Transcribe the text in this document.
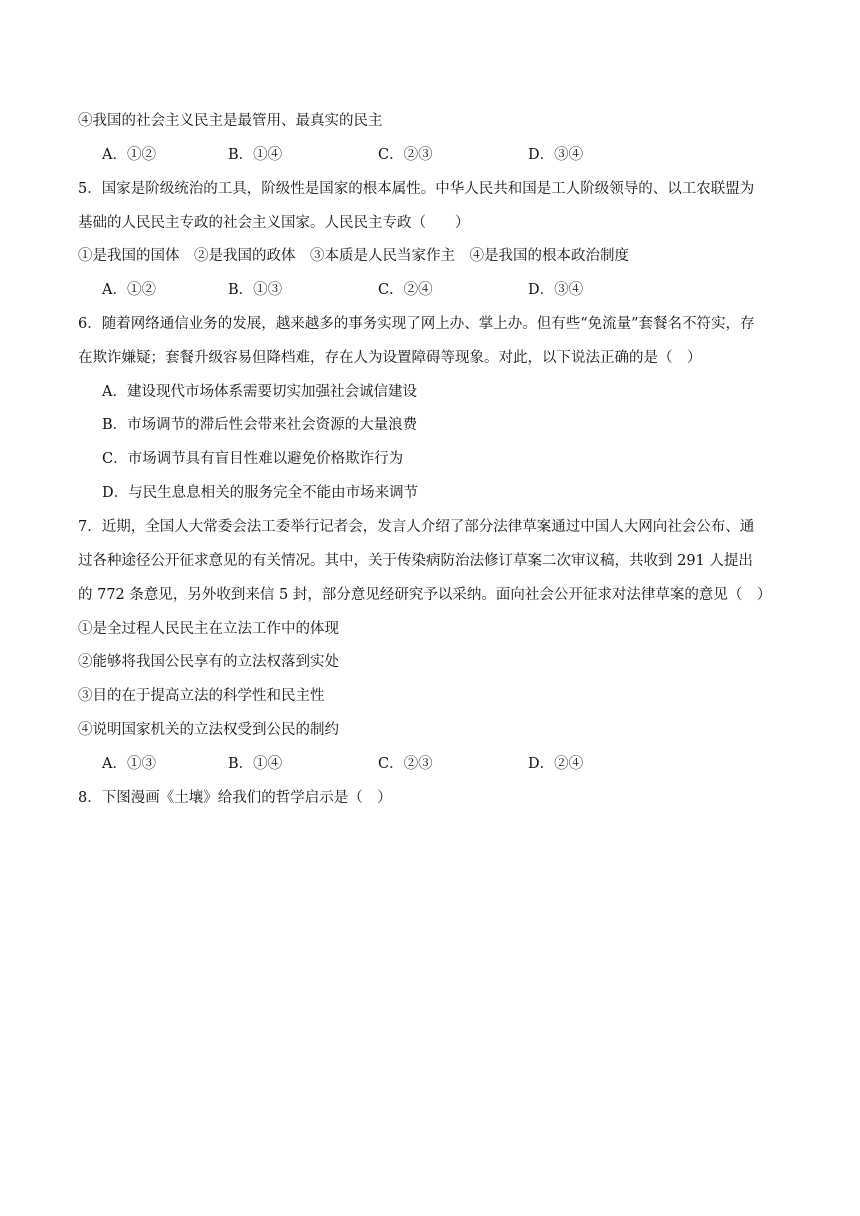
④我国的社会主义民主是最管用、最真实的民主
A．①②	B．①④	C．②③	D．③④
5．国家是阶级统治的工具，阶级性是国家的根本属性。中华人民共和国是工人阶级领导的、以工农联盟为
基础的人民民主专政的社会主义国家。人民民主专政（　　）
①是我国的国体　②是我国的政体　③本质是人民当家作主　④是我国的根本政治制度
A．①②	B．①③	C．②④	D．③④
6．随着网络通信业务的发展，越来越多的事务实现了网上办、掌上办。但有些“免流量”套餐名不符实，存
在欺诈嫌疑；套餐升级容易但降档难，存在人为设置障碍等现象。对此，以下说法正确的是（　）
A．建设现代市场体系需要切实加强社会诚信建设
B．市场调节的滞后性会带来社会资源的大量浪费
C．市场调节具有盲目性难以避免价格欺诈行为
D．与民生息息相关的服务完全不能由市场来调节
7．近期，全国人大常委会法工委举行记者会，发言人介绍了部分法律草案通过中国人大网向社会公布、通
过各种途径公开征求意见的有关情况。其中，关于传染病防治法修订草案二次审议稿，共收到 291 人提出
的 772 条意见，另外收到来信 5 封，部分意见经研究予以采纳。面向社会公开征求对法律草案的意见（　）
①是全过程人民民主在立法工作中的体现
②能够将我国公民享有的立法权落到实处
③目的在于提高立法的科学性和民主性
④说明国家机关的立法权受到公民的制约
A．①③	B．①④	C．②③	D．②④
8．下图漫画《土壤》给我们的哲学启示是（　）
